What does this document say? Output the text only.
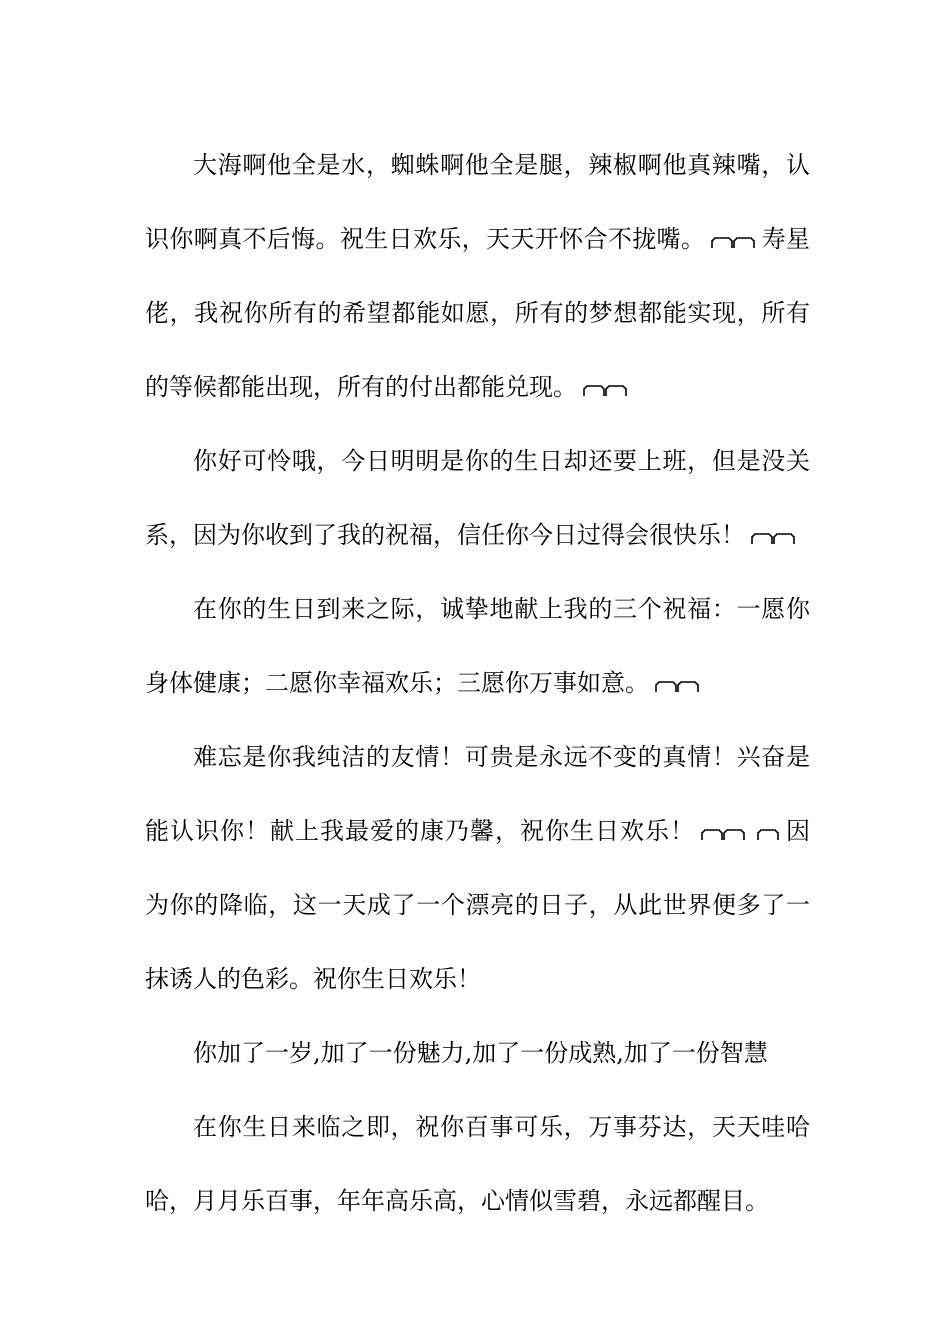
大海啊他全是水，蜘蛛啊他全是腿，辣椒啊他真辣嘴，认识你啊真不后悔。祝生日欢乐，天天开怀合不拢嘴。 寿星佬，我祝你所有的希望都能如愿，所有的梦想都能实现，所有的等候都能出现，所有的付出都能兑现。

你好可怜哦，今日明明是你的生日却还要上班，但是没关系，因为你收到了我的祝福，信任你今日过得会很快乐！

在你的生日到来之际，诚挚地献上我的三个祝福：一愿你身体健康；二愿你幸福欢乐；三愿你万事如意。

难忘是你我纯洁的友情！可贵是永远不变的真情！兴奋是能认识你！献上我最爱的康乃馨，祝你生日欢乐！	因为你的降临，这一天成了一个漂亮的日子，从此世界便多了一抹诱人的色彩。祝你生日欢乐！

你加了一岁,加了一份魅力,加了一份成熟,加了一份智慧

在你生日来临之即，祝你百事可乐，万事芬达，天天哇哈哈，月月乐百事，年年高乐高，心情似雪碧，永远都醒目。
